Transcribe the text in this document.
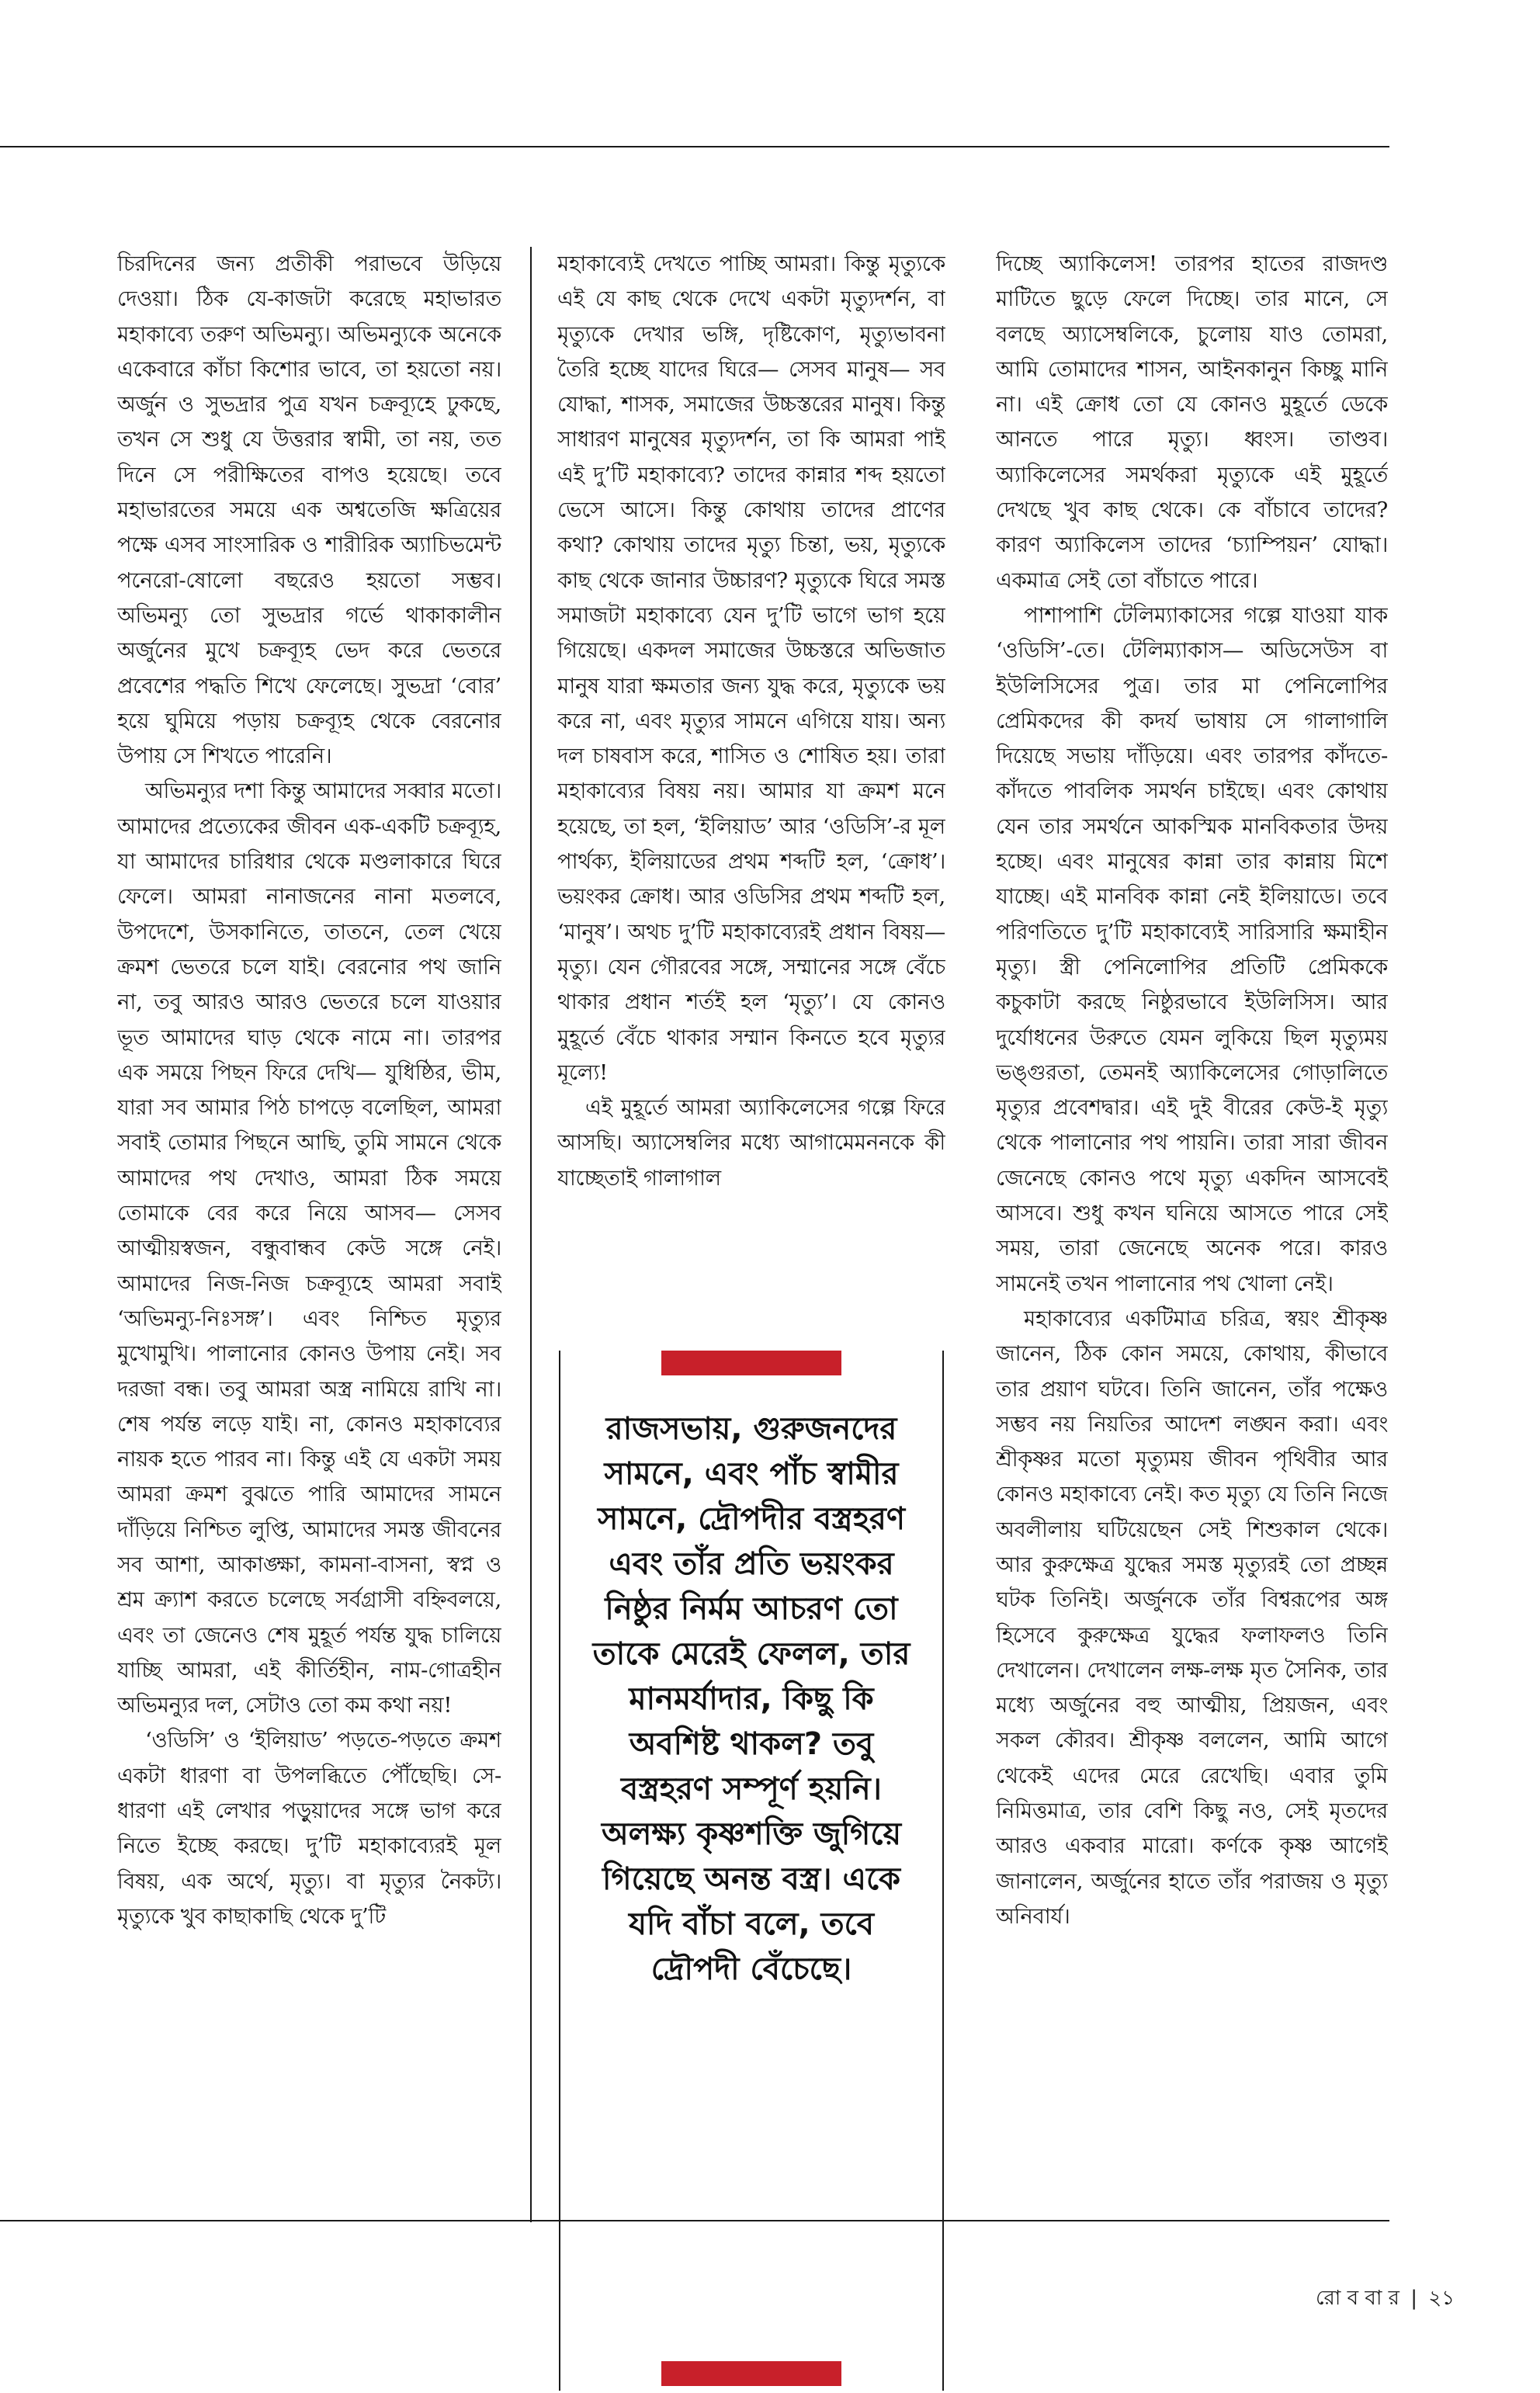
চিরদিনের জন্য প্রতীকী পরাভবে উড়িয়ে দেওয়া। ঠিক যে-কাজটা করেছে মহাভারত মহাকাব্যে তরুণ অভিমন্যু। অভিমন্যুকে অনেকে একেবারে কাঁচা কিশোর ভাবে, তা হয়তো নয়। অর্জুন ও সুভদ্রার পুত্র যখন চক্রব্যূহে ঢুকছে, তখন সে শুধু যে উত্তরার স্বামী, তা নয়, তত দিনে সে পরীক্ষিতের বাপও হয়েছে। তবে মহাভারতের সময়ে এক অশ্বতেজি ক্ষত্রিয়ের পক্ষে এসব সাংসারিক ও শারীরিক অ্যাচিভমেন্ট পনেরো-ষোলো বছরেও হয়তো সম্ভব। অভিমন্যু তো সুভদ্রার গর্ভে থাকাকালীন অর্জুনের মুখে চক্রব্যূহ ভেদ করে ভেতরে প্রবেশের পদ্ধতি শিখে ফেলেছে। সুভদ্রা ‘বোর’ হয়ে ঘুমিয়ে পড়ায় চক্রব্যূহ থেকে বেরনোর উপায় সে শিখতে পারেনি।

অভিমন্যুর দশা কিন্তু আমাদের সব্বার মতো। আমাদের প্রত্যেকের জীবন এক-একটি চক্রব্যূহ, যা আমাদের চারিধার থেকে মণ্ডলাকারে ঘিরে ফেলে। আমরা নানাজনের নানা মতলবে, উপদেশে, উসকানিতে, তাতনে, তেল খেয়ে ক্রমশ ভেতরে চলে যাই। বেরনোর পথ জানি না, তবু আরও আরও ভেতরে চলে যাওয়ার ভূত আমাদের ঘাড় থেকে নামে না। তারপর এক সময়ে পিছন ফিরে দেখি— যুধিষ্ঠির, ভীম, যারা সব আমার পিঠ চাপড়ে বলেছিল, আমরা সবাই তোমার পিছনে আছি, তুমি সামনে থেকে আমাদের পথ দেখাও, আমরা ঠিক সময়ে তোমাকে বের করে নিয়ে আসব— সেসব আত্মীয়স্বজন, বন্ধুবান্ধব কেউ সঙ্গে নেই। আমাদের নিজ-নিজ চক্রব্যূহে আমরা সবাই ‘অভিমন্যু-নিঃসঙ্গ’। এবং নিশ্চিত মৃত্যুর মুখোমুখি। পালানোর কোনও উপায় নেই। সব দরজা বন্ধ। তবু আমরা অস্ত্র নামিয়ে রাখি না। শেষ পর্যন্ত লড়ে যাই। না, কোনও মহাকাব্যের নায়ক হতে পারব না। কিন্তু এই যে একটা সময় আমরা ক্রমশ বুঝতে পারি আমাদের সামনে দাঁড়িয়ে নিশ্চিত লুপ্তি, আমাদের সমস্ত জীবনের সব আশা, আকাঙ্ক্ষা, কামনা-বাসনা, স্বপ্ন ও শ্রম ক্র্যাশ করতে চলেছে সর্বগ্রাসী বহ্নিবলয়ে, এবং তা জেনেও শেষ মুহূর্ত পর্যন্ত যুদ্ধ চালিয়ে যাচ্ছি আমরা, এই কীর্তিহীন, নাম-গোত্রহীন অভিমন্যুর দল, সেটাও তো কম কথা নয়!

‘ওডিসি’ ও ‘ইলিয়াড’ পড়তে-পড়তে ক্রমশ একটা ধারণা বা উপলব্ধিতে পৌঁছেছি। সে-ধারণা এই লেখার পড়ুয়াদের সঙ্গে ভাগ করে নিতে ইচ্ছে করছে। দু’টি মহাকাব্যেরই মূল বিষয়, এক অর্থে, মৃত্যু। বা মৃত্যুর নৈকট্য। মৃত্যুকে খুব কাছাকাছি থেকে দু’টি

মহাকাব্যেই দেখতে পাচ্ছি আমরা। কিন্তু মৃত্যুকে এই যে কাছ থেকে দেখে একটা মৃত্যুদর্শন, বা মৃত্যুকে দেখার ভঙ্গি, দৃষ্টিকোণ, মৃত্যুভাবনা তৈরি হচ্ছে যাদের ঘিরে— সেসব মানুষ— সব যোদ্ধা, শাসক, সমাজের উচ্চস্তরের মানুষ। কিন্তু সাধারণ মানুষের মৃত্যুদর্শন, তা কি আমরা পাই এই দু’টি মহাকাব্যে? তাদের কান্নার শব্দ হয়তো ভেসে আসে। কিন্তু কোথায় তাদের প্রাণের কথা? কোথায় তাদের মৃত্যু চিন্তা, ভয়, মৃত্যুকে কাছ থেকে জানার উচ্চারণ? মৃত্যুকে ঘিরে সমস্ত সমাজটা মহাকাব্যে যেন দু’টি ভাগে ভাগ হয়ে গিয়েছে। একদল সমাজের উচ্চস্তরে অভিজাত মানুষ যারা ক্ষমতার জন্য যুদ্ধ করে, মৃত্যুকে ভয় করে না, এবং মৃত্যুর সামনে এগিয়ে যায়। অন্য দল চাষবাস করে, শাসিত ও শোষিত হয়। তারা মহাকাব্যের বিষয় নয়। আমার যা ক্রমশ মনে হয়েছে, তা হল, ‘ইলিয়াড’ আর ‘ওডিসি’-র মূল পার্থক্য, ইলিয়াডের প্রথম শব্দটি হল, ‘ক্রোধ’। ভয়ংকর ক্রোধ। আর ওডিসির প্রথম শব্দটি হল, ‘মানুষ’। অথচ দু’টি মহাকাব্যেরই প্রধান বিষয়— মৃত্যু। যেন গৌরবের সঙ্গে, সম্মানের সঙ্গে বেঁচে থাকার প্রধান শর্তই হল ‘মৃত্যু’। যে কোনও মুহূর্তে বেঁচে থাকার সম্মান কিনতে হবে মৃত্যুর মূল্যে!

এই মুহূর্তে আমরা অ্যাকিলেসের গল্পে ফিরে আসছি। অ্যাসেম্বলির মধ্যে আগামেমননকে কী যাচ্ছেতাই গালাগাল

রাজসভায়, গুরুজনদের সামনে, এবং পাঁচ স্বামীর সামনে, দ্রৌপদীর বস্ত্রহরণ এবং তাঁর প্রতি ভয়ংকর নিষ্ঠুর নির্মম আচরণ তো তাকে মেরেই ফেলল, তার মানমর্যাদার, কিছু কি অবশিষ্ট থাকল? তবু বস্ত্রহরণ সম্পূর্ণ হয়নি। অলক্ষ্য কৃষ্ণশক্তি জুগিয়ে গিয়েছে অনন্ত বস্ত্র। একে যদি বাঁচা বলে, তবে দ্রৌপদী বেঁচেছে।

দিচ্ছে অ্যাকিলেস! তারপর হাতের রাজদণ্ড মাটিতে ছুড়ে ফেলে দিচ্ছে। তার মানে, সে বলছে অ্যাসেম্বলিকে, চুলোয় যাও তোমরা, আমি তোমাদের শাসন, আইনকানুন কিচ্ছু মানি না। এই ক্রোধ তো যে কোনও মুহূর্তে ডেকে আনতে পারে মৃত্যু। ধ্বংস। তাণ্ডব। অ্যাকিলেসের সমর্থকরা মৃত্যুকে এই মুহূর্তে দেখছে খুব কাছ থেকে। কে বাঁচাবে তাদের? কারণ অ্যাকিলেস তাদের ‘চ্যাম্পিয়ন’ যোদ্ধা। একমাত্র সেই তো বাঁচাতে পারে।

পাশাপাশি টেলিম্যাকাসের গল্পে যাওয়া যাক ‘ওডিসি’-তে। টেলিম্যাকাস— অডিসেউস বা ইউলিসিসের পুত্র। তার মা পেনিলোপির প্রেমিকদের কী কদর্য ভাষায় সে গালাগালি দিয়েছে সভায় দাঁড়িয়ে। এবং তারপর কাঁদতে-কাঁদতে পাবলিক সমর্থন চাইছে। এবং কোথায় যেন তার সমর্থনে আকস্মিক মানবিকতার উদয় হচ্ছে। এবং মানুষের কান্না তার কান্নায় মিশে যাচ্ছে। এই মানবিক কান্না নেই ইলিয়াডে। তবে পরিণতিতে দু’টি মহাকাব্যেই সারিসারি ক্ষমাহীন মৃত্যু। স্ত্রী পেনিলোপির প্রতিটি প্রেমিককে কচুকাটা করছে নিষ্ঠুরভাবে ইউলিসিস। আর দুর্যোধনের উরুতে যেমন লুকিয়ে ছিল মৃত্যুময় ভঙ্গুরতা, তেমনই অ্যাকিলেসের গোড়ালিতে মৃত্যুর প্রবেশদ্বার। এই দুই বীরের কেউ-ই মৃত্যু থেকে পালানোর পথ পায়নি। তারা সারা জীবন জেনেছে কোনও পথে মৃত্যু একদিন আসবেই আসবে। শুধু কখন ঘনিয়ে আসতে পারে সেই সময়, তারা জেনেছে অনেক পরে। কারও সামনেই তখন পালানোর পথ খোলা নেই।

মহাকাব্যের একটিমাত্র চরিত্র, স্বয়ং শ্রীকৃষ্ণ জানেন, ঠিক কোন সময়ে, কোথায়, কীভাবে তার প্রয়াণ ঘটবে। তিনি জানেন, তাঁর পক্ষেও সম্ভব নয় নিয়তির আদেশ লঙ্ঘন করা। এবং শ্রীকৃষ্ণর মতো মৃত্যুময় জীবন পৃথিবীর আর কোনও মহাকাব্যে নেই। কত মৃত্যু যে তিনি নিজে অবলীলায় ঘটিয়েছেন সেই শিশুকাল থেকে। আর কুরুক্ষেত্র যুদ্ধের সমস্ত মৃত্যুরই তো প্রচ্ছন্ন ঘটক তিনিই। অর্জুনকে তাঁর বিশ্বরূপের অঙ্গ হিসেবে কুরুক্ষেত্র যুদ্ধের ফলাফলও তিনি দেখালেন। দেখালেন লক্ষ-লক্ষ মৃত সৈনিক, তার মধ্যে অর্জুনের বহু আত্মীয়, প্রিয়জন, এবং সকল কৌরব। শ্রীকৃষ্ণ বললেন, আমি আগে থেকেই এদের মেরে রেখেছি। এবার তুমি নিমিত্তমাত্র, তার বেশি কিছু নও, সেই মৃতদের আরও একবার মারো। কর্ণকে কৃষ্ণ আগেই জানালেন, অর্জুনের হাতে তাঁর পরাজয় ও মৃত্যু অনিবার্য।

রো ব বা র | ২১
